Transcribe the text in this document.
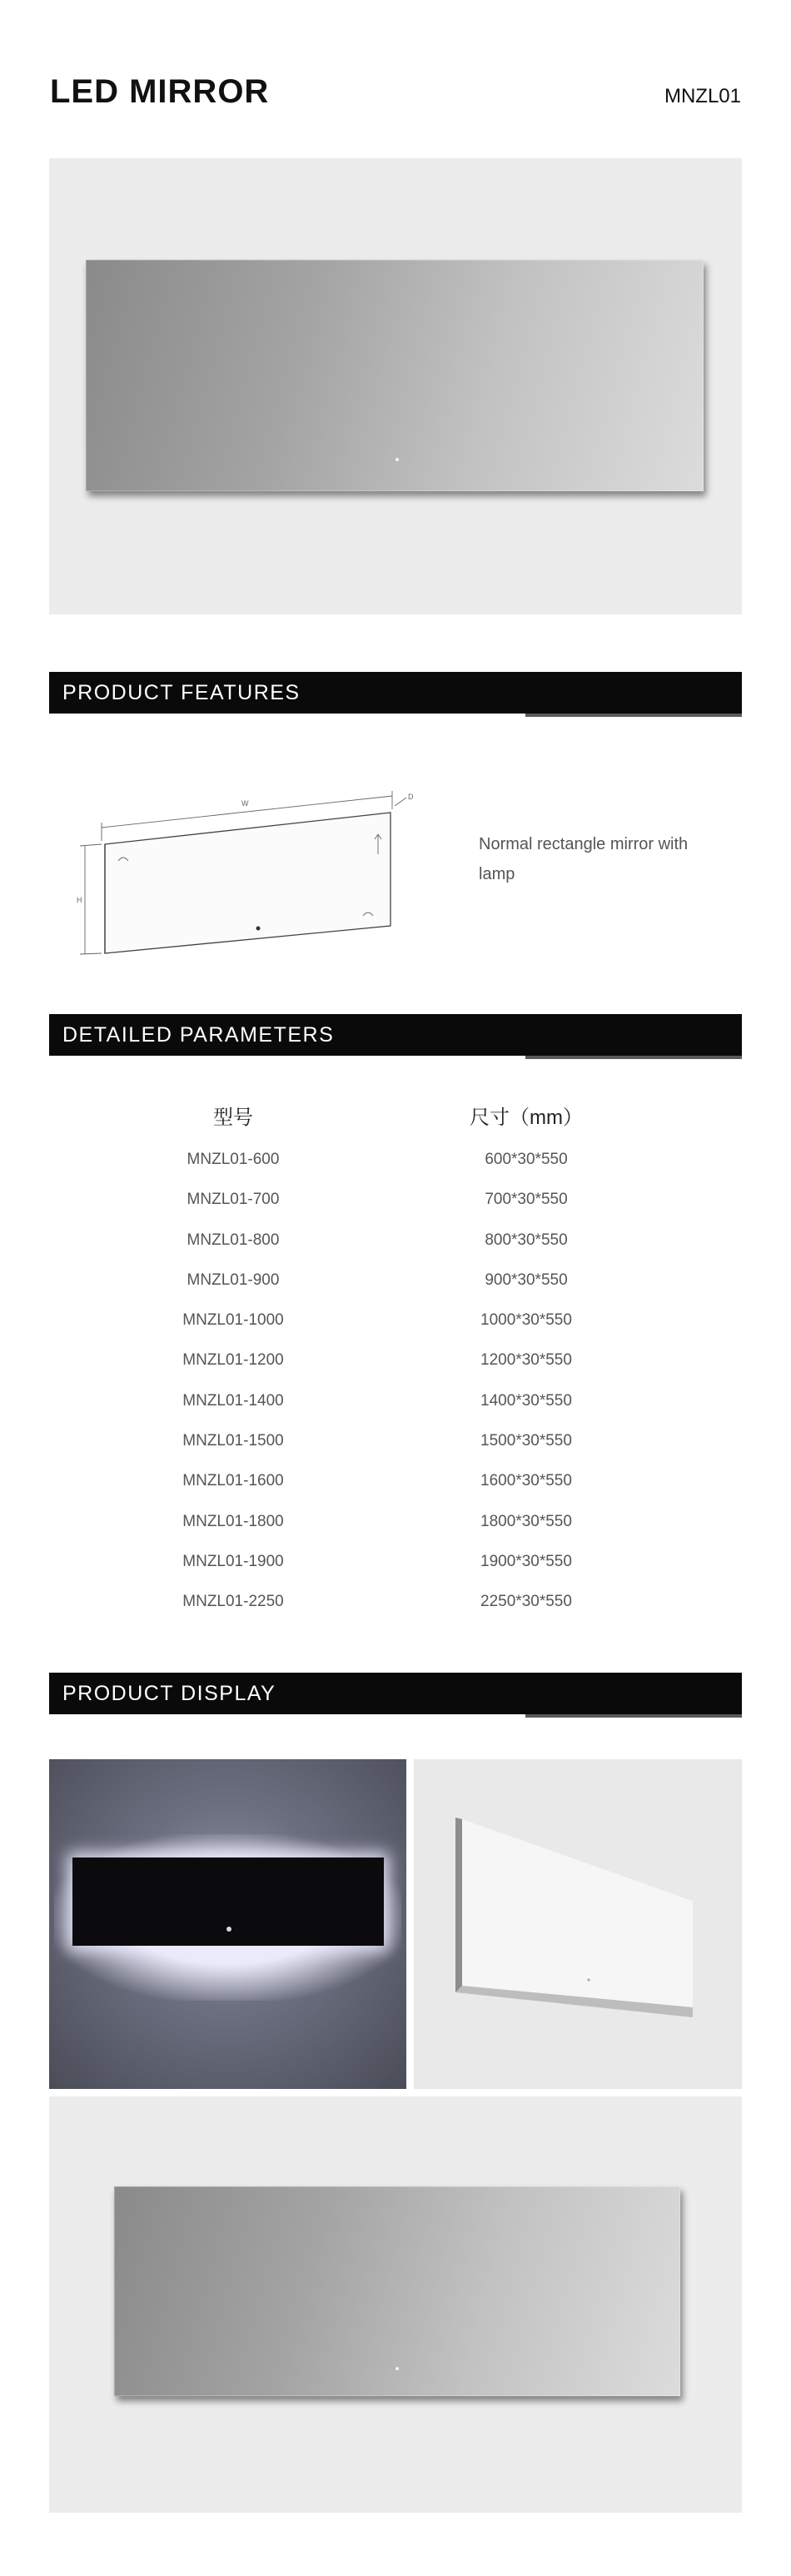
LED MIRROR	MNZL01
PRODUCT FEATURES
W
H
D
Normal rectangle mirror with lamp
DETAILED PARAMETERS
型号	尺寸（mm）
MNZL01-600
MNZL01-700
MNZL01-800
MNZL01-900
MNZL01-1000
MNZL01-1200
MNZL01-1400
MNZL01-1500
MNZL01-1600
MNZL01-1800
MNZL01-1900
MNZL01-2250
600*30*550
700*30*550
800*30*550
900*30*550
1000*30*550
1200*30*550
1400*30*550
1500*30*550
1600*30*550
1800*30*550
1900*30*550
2250*30*550
PRODUCT DISPLAY
